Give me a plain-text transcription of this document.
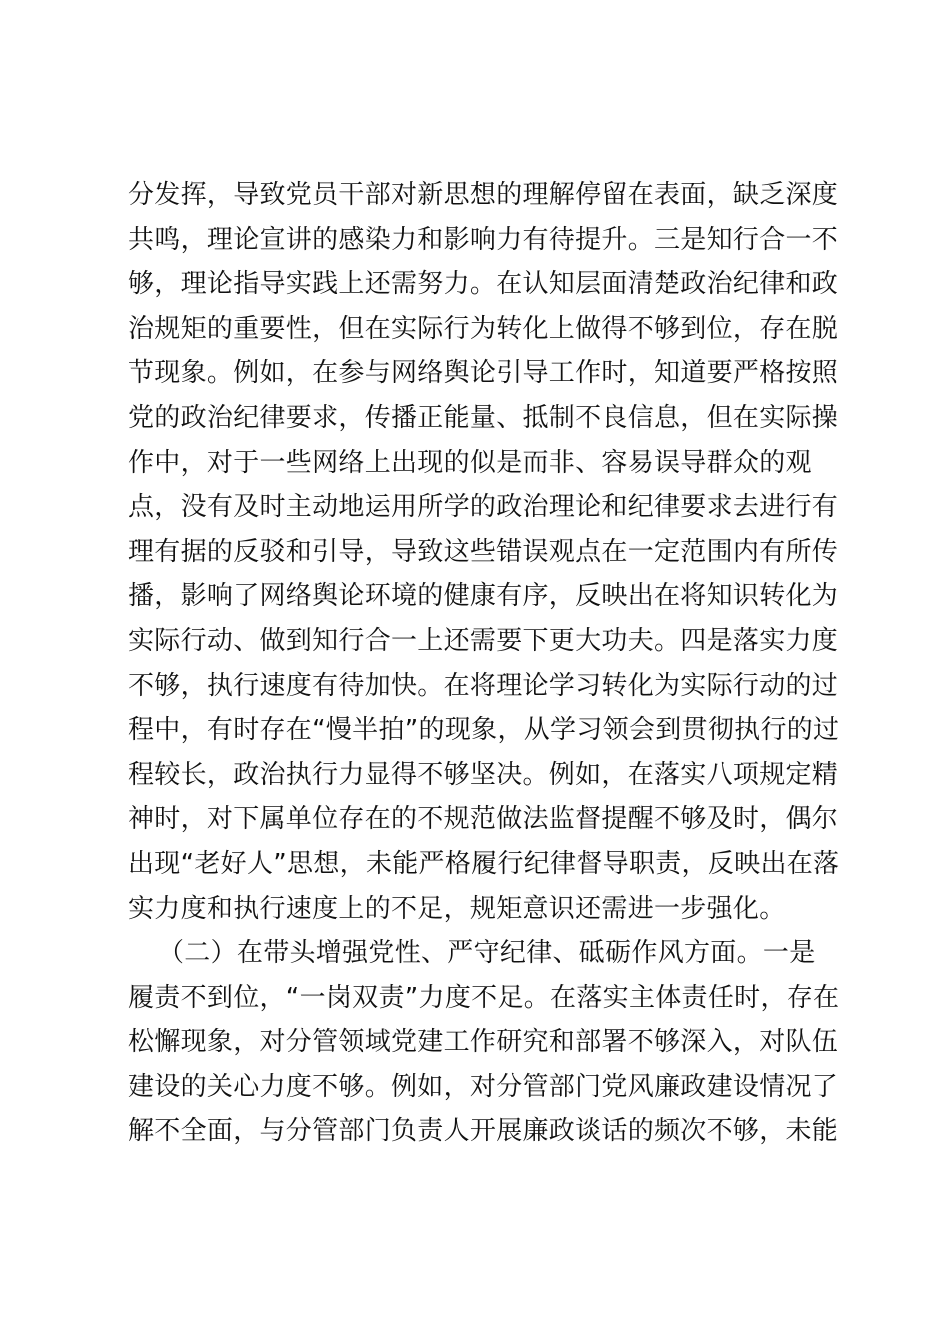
分发挥，导致党员干部对新思想的理解停留在表面，缺乏深度
共鸣，理论宣讲的感染力和影响力有待提升。三是知行合一不
够，理论指导实践上还需努力。在认知层面清楚政治纪律和政
治规矩的重要性，但在实际行为转化上做得不够到位，存在脱
节现象。例如，在参与网络舆论引导工作时，知道要严格按照
党的政治纪律要求，传播正能量、抵制不良信息，但在实际操
作中，对于一些网络上出现的似是而非、容易误导群众的观
点，没有及时主动地运用所学的政治理论和纪律要求去进行有
理有据的反驳和引导，导致这些错误观点在一定范围内有所传
播，影响了网络舆论环境的健康有序，反映出在将知识转化为
实际行动、做到知行合一上还需要下更大功夫。四是落实力度
不够，执行速度有待加快。在将理论学习转化为实际行动的过
程中，有时存在“慢半拍”的现象，从学习领会到贯彻执行的过
程较长，政治执行力显得不够坚决。例如，在落实八项规定精
神时，对下属单位存在的不规范做法监督提醒不够及时，偶尔
出现“老好人”思想，未能严格履行纪律督导职责，反映出在落
实力度和执行速度上的不足，规矩意识还需进一步强化。
（二）在带头增强党性、严守纪律、砥砺作风方面。一是
履责不到位，“一岗双责”力度不足。在落实主体责任时，存在
松懈现象，对分管领域党建工作研究和部署不够深入，对队伍
建设的关心力度不够。例如，对分管部门党风廉政建设情况了
解不全面，与分管部门负责人开展廉政谈话的频次不够，未能
